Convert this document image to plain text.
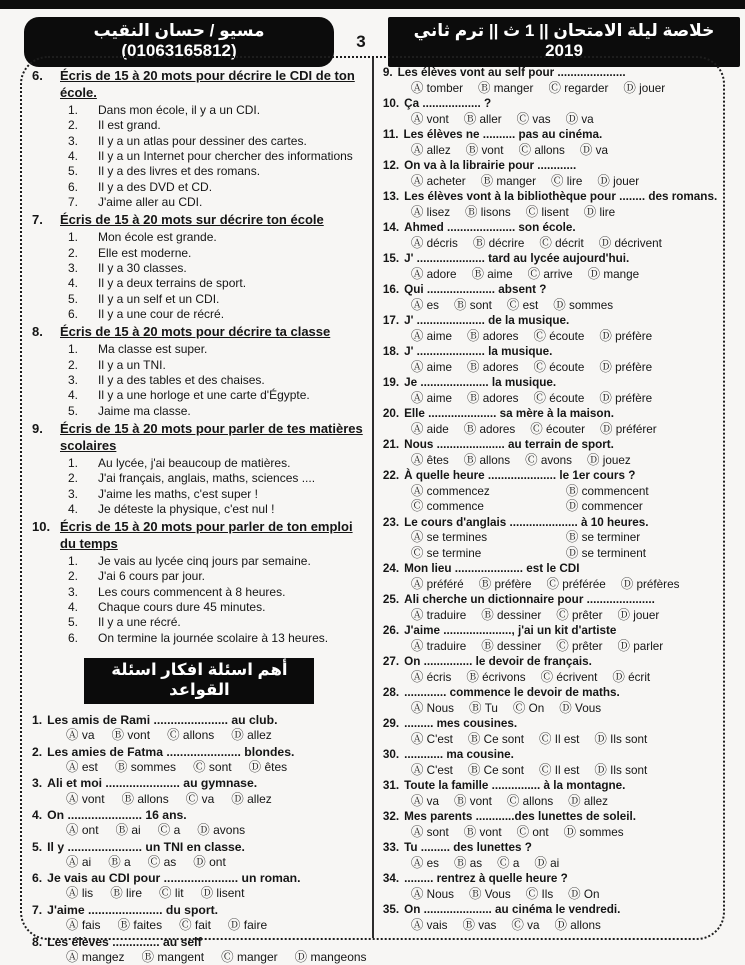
مسيو / حسان النقيب (01063165812)	3
خلاصة ليلة الامتحان || 1 ث || ترم ثاني 2019
6.	Écris de 15 à 20 mots pour décrire le CDI de ton école.
1.	Dans mon école, il y a un CDI.
2.	Il est grand.
3.	Il y a un atlas pour dessiner des cartes.
4.	Il y a un Internet pour chercher des informations
5.	Il y a des livres et des romans.
6.	Il y a des DVD et CD.
7.	J'aime aller au CDI.
7.	Écris de 15 à 20 mots sur décrire ton école
1.	Mon école est grande.
2.	Elle est moderne.
3.	Il y a 30 classes.
4.	Il y a deux terrains de sport.
5.	Il y a un self et un CDI.
6.	Il y a une cour de récré.
8.	Écris de 15 à 20 mots pour décrire ta classe
1.	Ma classe est super.
2.	Il y a un TNI.
3.	Il y a des tables et des chaises.
4.	Il y a une horloge et une carte d'Égypte.
5.	Jaime ma classe.
9.	Écris de 15 à 20 mots pour parler de tes matières scolaires
1.	Au lycée, j'ai beaucoup de matières.
2.	J'ai français, anglais, maths, sciences ....
3.	J'aime les maths, c'est super !
4.	Je déteste la physique, c'est nul !
10. Écris de 15 à 20 mots pour parler de ton emploi du temps
1.	Je vais au lycée cinq jours par semaine.
2.	J'ai 6 cours par jour.
3.	Les cours commencent à 8 heures.
4.	Chaque cours dure 45 minutes.
5.	Il y a une récré.
6.	On termine la journée scolaire à 13 heures.
أهم اسئلة افكار اسئلة القواعد
1. Les amis de Rami ...................... au club.
Ⓐ va Ⓑ vont Ⓒ allons Ⓓ allez
2. Les amies de Fatma ...................... blondes.
Ⓐ est Ⓑ sommes Ⓒ sont Ⓓ êtes
3. Ali et moi ...................... au gymnase.
Ⓐ vont Ⓑ allons Ⓒ va Ⓓ allez
4. On ...................... 16 ans.
Ⓐ ont Ⓑ ai Ⓒ a Ⓓ avons
5. Il y ...................... un TNI en classe.
Ⓐ ai Ⓑ a Ⓒ as Ⓓ ont
6. Je vais au CDI pour ...................... un roman.
Ⓐ lis Ⓑ lire Ⓒ lit Ⓓ lisent
7. J'aime ...................... du sport.
Ⓐ fais Ⓑ faites Ⓒ fait Ⓓ faire
8. Les élèves .............. au self
Ⓐ mangez Ⓑ mangent Ⓒ manger Ⓓ mangeons
9. Les élèves vont au self pour .....................
Ⓐ tomber Ⓑ manger Ⓒ regarder Ⓓ jouer
10. Ça .................. ?
Ⓐ vont Ⓑ aller Ⓒ vas Ⓓ va
11. Les élèves ne .......... pas au cinéma.
Ⓐ allez Ⓑ vont Ⓒ allons Ⓓ va
12. On va à la librairie pour ............
Ⓐ acheter Ⓑ manger Ⓒ lire Ⓓ jouer
13. Les élèves vont à la bibliothèque pour ........ des romans.
Ⓐ lisez Ⓑ lisons Ⓒ lisent Ⓓ lire
14. Ahmed ..................... son école.
Ⓐ décris Ⓑ décrire Ⓒ décrit Ⓓ décrivent
15. J' ..................... tard au lycée aujourd'hui.
Ⓐ adore Ⓑ aime Ⓒ arrive Ⓓ mange
16. Qui ..................... absent ?
Ⓐ es Ⓑ sont Ⓒ est Ⓓ sommes
17. J' ..................... de la musique.
Ⓐ aime Ⓑ adores Ⓒ écoute Ⓓ préfère
18. J' ..................... la musique.
Ⓐ aime Ⓑ adores Ⓒ écoute Ⓓ préfère
19. Je ..................... la musique.
Ⓐ aime Ⓑ adores Ⓒ écoute Ⓓ préfère
20. Elle ..................... sa mère à la maison.
Ⓐ aide Ⓑ adores Ⓒ écouter Ⓓ préférer
21. Nous ..................... au terrain de sport.
Ⓐ êtes Ⓑ allons Ⓒ avons Ⓓ jouez
22. À quelle heure ..................... le 1er cours ?
Ⓐ commencez	Ⓑ commencent
Ⓒ commence	Ⓓ commencer
23. Le cours d'anglais ..................... à 10 heures.
Ⓐ se termines	Ⓑ se terminer
Ⓒ se termine	Ⓓ se terminent
24. Mon lieu ..................... est le CDI
Ⓐ préféré Ⓑ préfère Ⓒ préférée Ⓓ préfères
25. Ali cherche un dictionnaire pour .....................
Ⓐ traduire Ⓑ dessiner Ⓒ prêter Ⓓ jouer
26. J'aime ....................., j'ai un kit d'artiste
Ⓐ traduire Ⓑ dessiner Ⓒ prêter Ⓓ parler
27. On ............... le devoir de français.
Ⓐ écris Ⓑ écrivons Ⓒ écrivent Ⓓ écrit
28. ............. commence le devoir de maths.
Ⓐ Nous Ⓑ Tu Ⓒ On Ⓓ Vous
29. ......... mes cousines.
Ⓐ C'est Ⓑ Ce sont Ⓒ Il est Ⓓ Ils sont
30. ............ ma cousine.
Ⓐ C'est Ⓑ Ce sont Ⓒ Il est Ⓓ Ils sont
31. Toute la famille ............... à la montagne.
Ⓐ va Ⓑ vont Ⓒ allons Ⓓ allez
32. Mes parents ............des lunettes de soleil.
Ⓐ sont Ⓑ vont Ⓒ ont Ⓓ sommes
33. Tu ......... des lunettes ?
Ⓐ es Ⓑ as Ⓒ a Ⓓ ai
34. ......... rentrez à quelle heure ?
Ⓐ Nous Ⓑ Vous Ⓒ Ils Ⓓ On
35. On ..................... au cinéma le vendredi.
Ⓐ vais Ⓑ vas Ⓒ va Ⓓ allons
